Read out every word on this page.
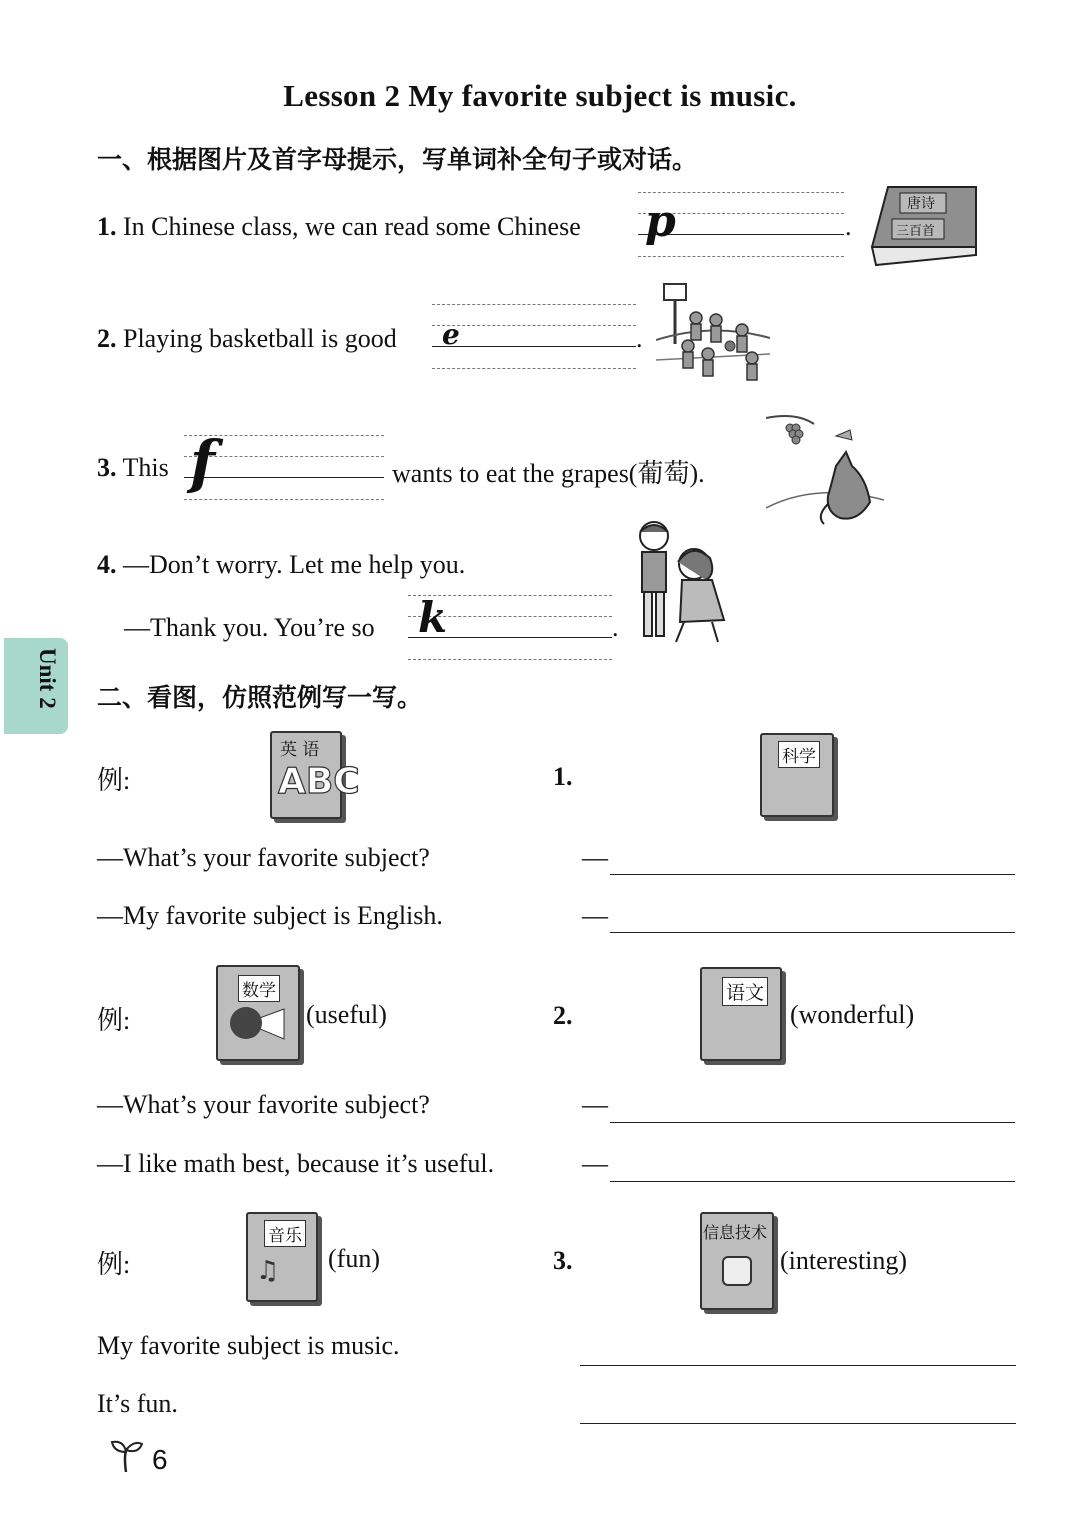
Lesson 2 My favorite subject is music.
Unit 2
一、根据图片及首字母提示，写单词补全句子或对话。
1. In Chinese class, we can read some Chinese p	.
唐诗
三百首
2. Playing basketball is good e	.
3. This f	wants to eat the grapes(葡萄).
4. —Don’t worry. Let me help you.
—Thank you. You’re so k	.
二、看图，仿照范例写一写。
例:
英 语
ABC	1.
科学
—What’s your favorite subject?
—My favorite subject is English.
—
—
例:
数学
(useful)	2.
语文
(wonderful)
—What’s your favorite subject?
—I like math best, because it’s useful.
—
—
例:
音乐
♫ (fun)	3.
信息技术
(interesting)
My favorite subject is music.
It’s fun.
6
